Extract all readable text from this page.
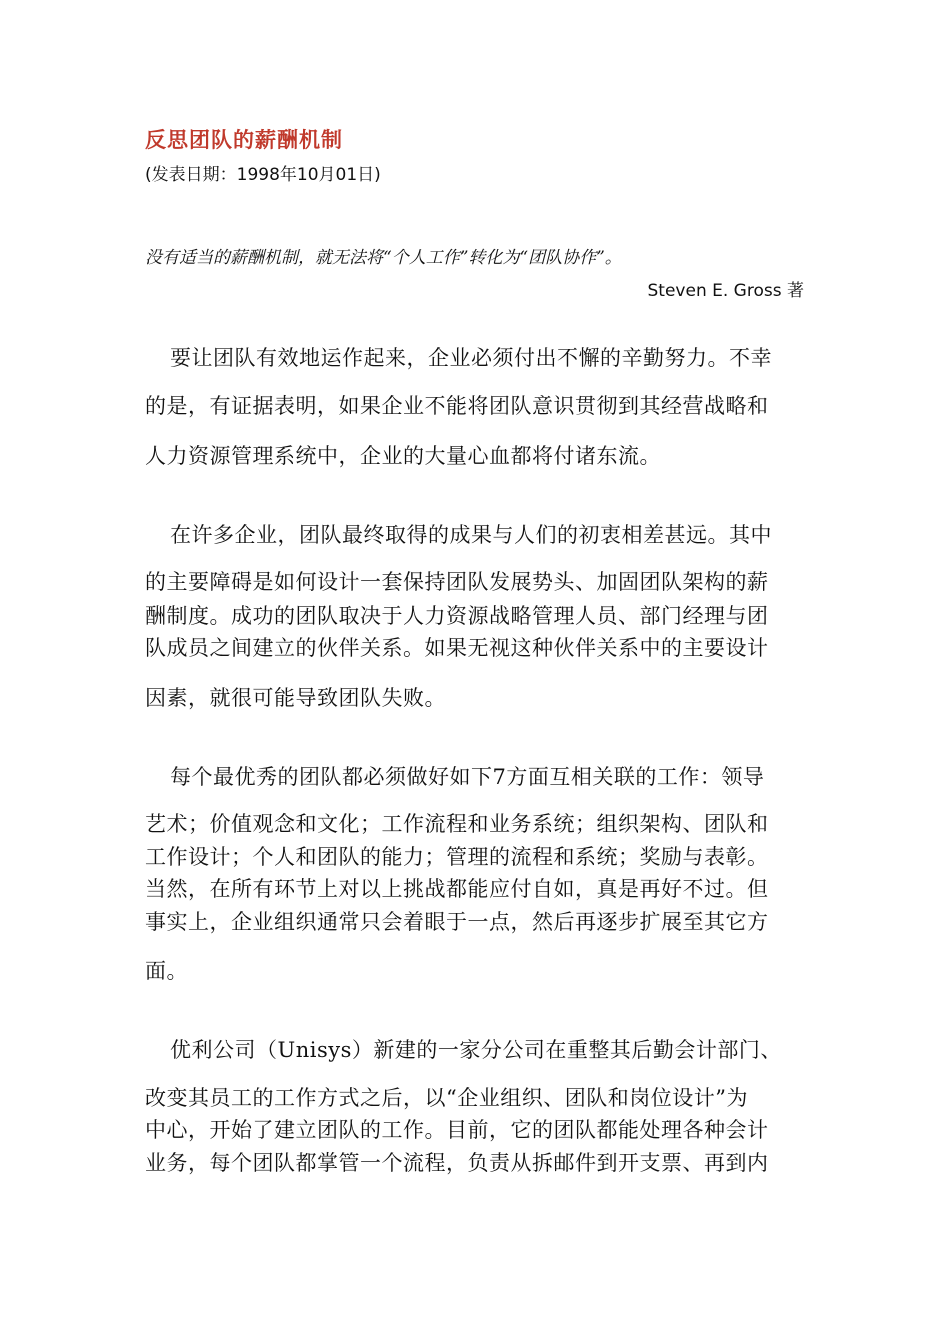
反思团队的薪酬机制
(发表日期：1998年10月01日)
没有适当的薪酬机制，就无法将“个人工作”转化为“团队协作”。
Steven E. Gross 著
要让团队有效地运作起来，企业必须付出不懈的辛勤努力。不幸
的是，有证据表明，如果企业不能将团队意识贯彻到其经营战略和
人力资源管理系统中，企业的大量心血都将付诸东流。
在许多企业，团队最终取得的成果与人们的初衷相差甚远。其中
的主要障碍是如何设计一套保持团队发展势头、加固团队架构的薪
酬制度。成功的团队取决于人力资源战略管理人员、部门经理与团
队成员之间建立的伙伴关系。如果无视这种伙伴关系中的主要设计
因素，就很可能导致团队失败。
每个最优秀的团队都必须做好如下7方面互相关联的工作：领导
艺术；价值观念和文化；工作流程和业务系统；组织架构、团队和
工作设计；个人和团队的能力；管理的流程和系统；奖励与表彰。
当然，在所有环节上对以上挑战都能应付自如，真是再好不过。但
事实上，企业组织通常只会着眼于一点，然后再逐步扩展至其它方
面。
优利公司（Unisys）新建的一家分公司在重整其后勤会计部门、
改变其员工的工作方式之后，以“企业组织、团队和岗位设计”为
中心，开始了建立团队的工作。目前，它的团队都能处理各种会计
业务，每个团队都掌管一个流程，负责从拆邮件到开支票、再到内
